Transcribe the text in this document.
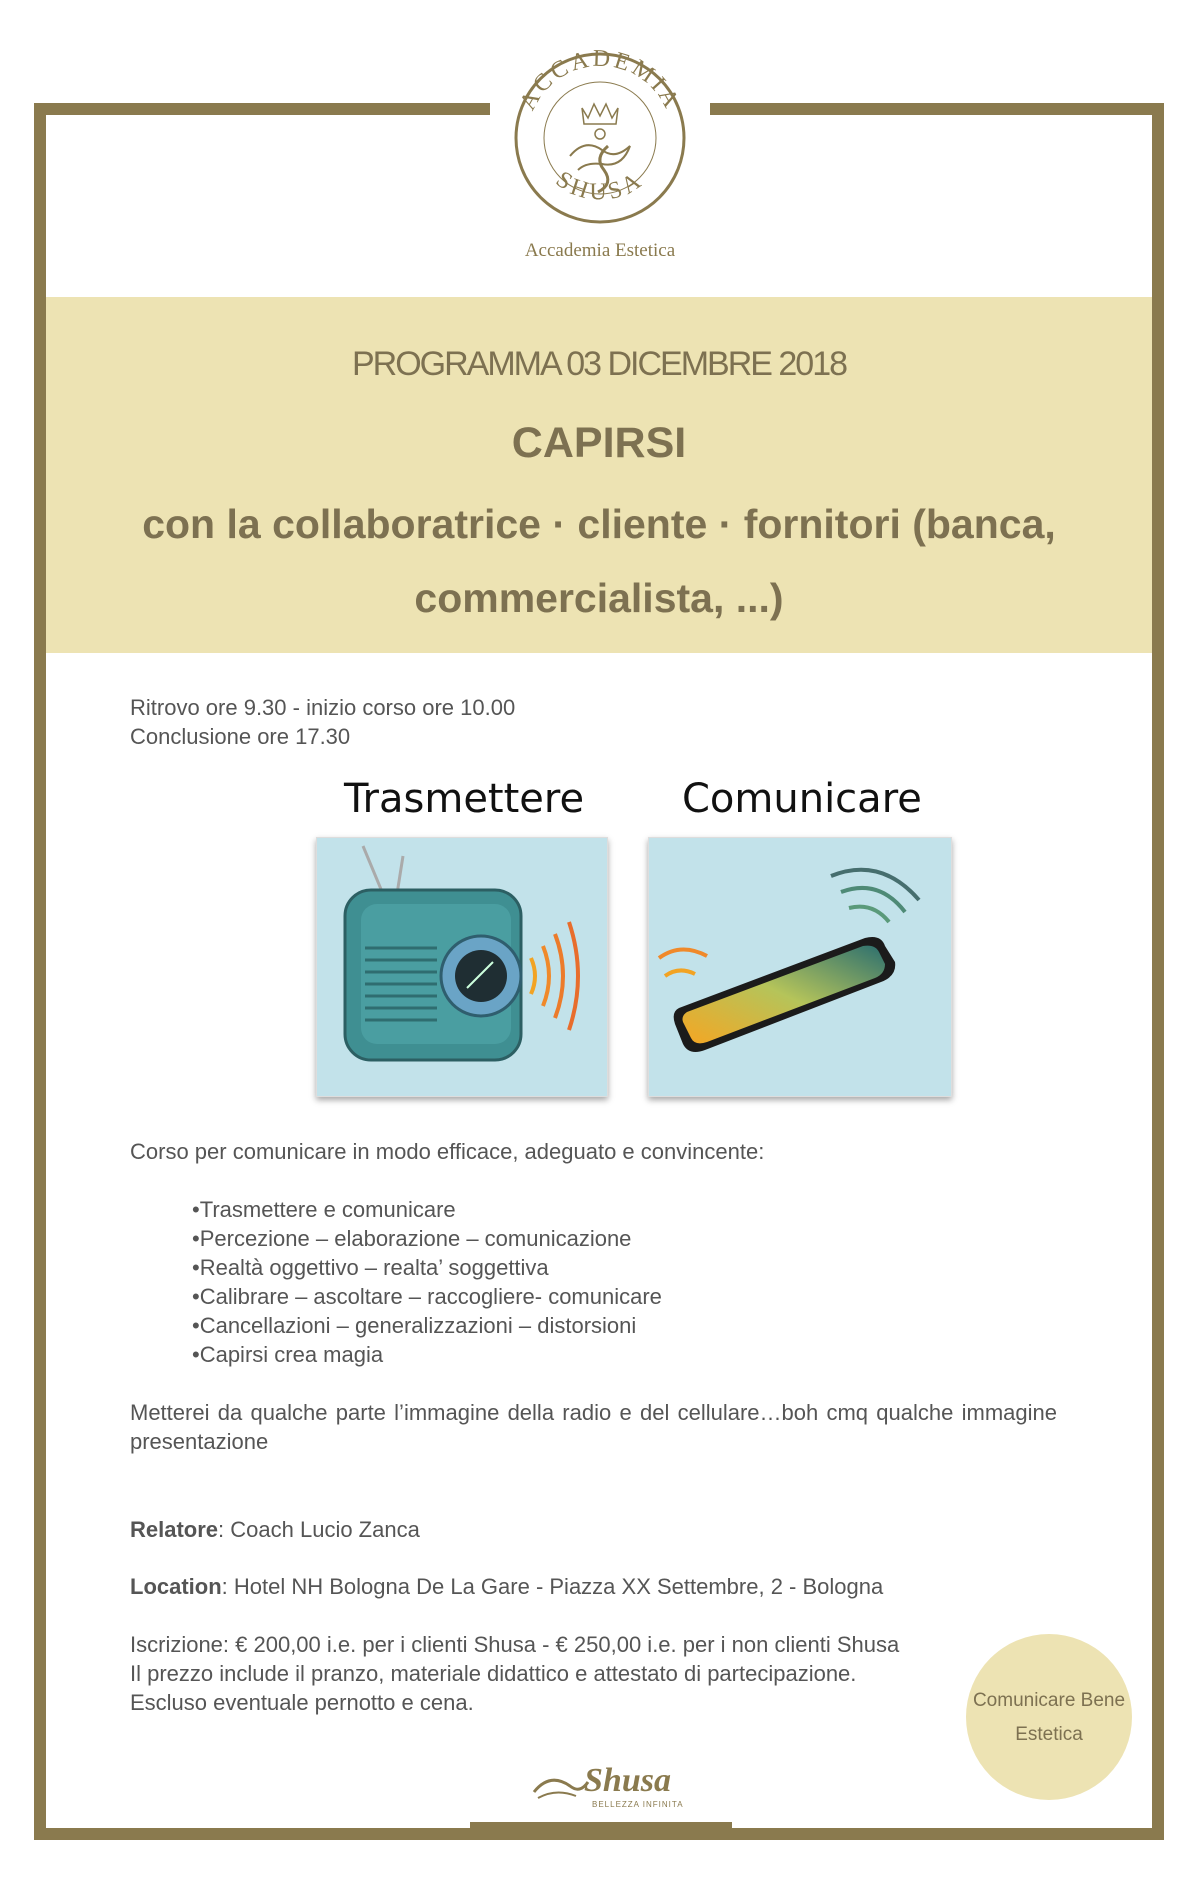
ACCADEMIA
SHUSA
Accademia Estetica
PROGRAMMA 03 DICEMBRE 2018
CAPIRSI
con la collaboratrice · cliente · fornitori (banca, commercialista, ...)
Ritrovo ore 9.30 - inizio corso ore 10.00
Conclusione ore 17.30
Trasmettere Comunicare
Corso per comunicare in modo efficace, adeguato e convincente:
• Trasmettere e comunicare
• Percezione – elaborazione – comunicazione
• Realtà oggettivo – realta’ soggettiva
• Calibrare – ascoltare – raccogliere- comunicare
• Cancellazioni – generalizzazioni – distorsioni
• Capirsi crea magia
Metterei da qualche parte l’immagine della radio e del cellulare…boh cmq qualche immagine presentazione
Relatore: Coach Lucio Zanca
Location: Hotel NH Bologna De La Gare - Piazza XX Settembre, 2 - Bologna
Iscrizione: € 200,00 i.e. per i clienti Shusa - € 250,00 i.e. per i non clienti Shusa
Il prezzo include il pranzo, materiale didattico e attestato di partecipazione.
Escluso eventuale pernotto e cena.	Comunicare Bene
Estetica
Shusa
BELLEZZA INFINITA
